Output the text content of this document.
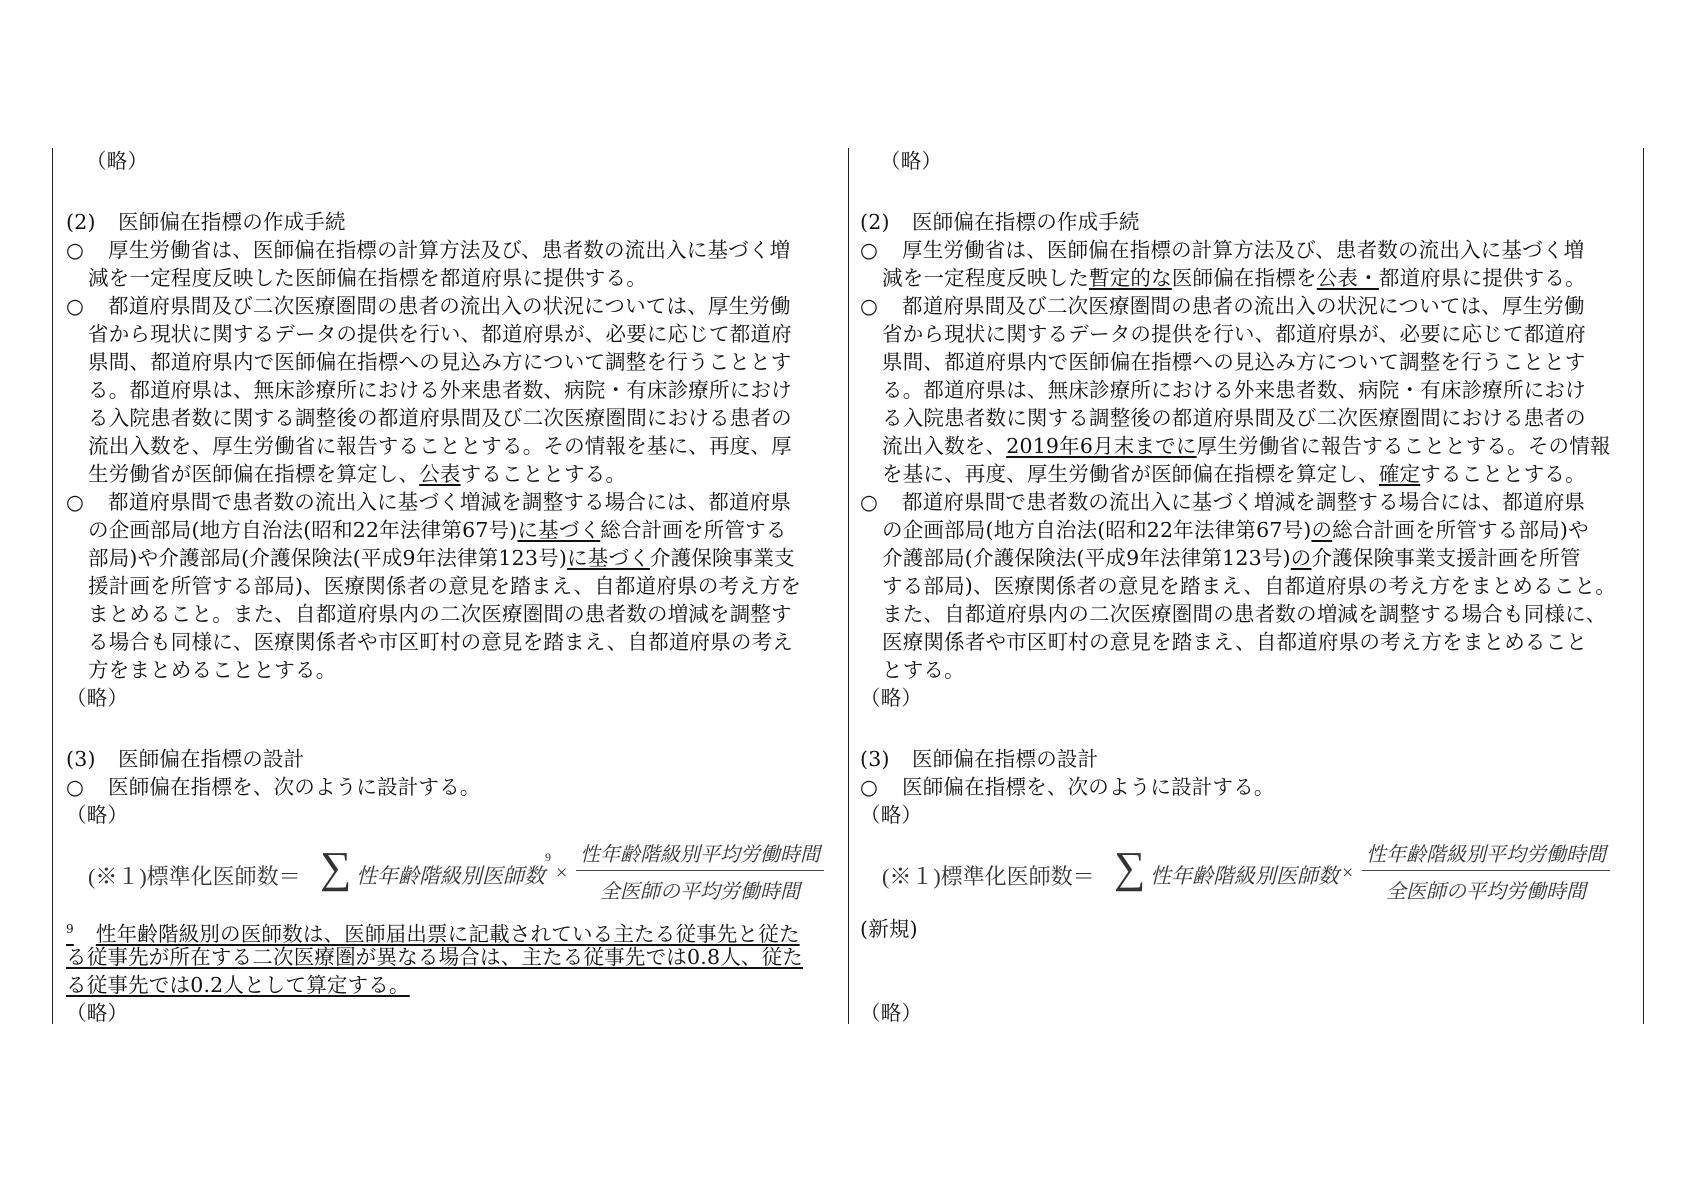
（略）
(2) 医師偏在指標の作成手続
○ 厚生労働省は、医師偏在指標の計算方法及び、患者数の流出入に基づく増
減を一定程度反映した医師偏在指標を都道府県に提供する。
○ 都道府県間及び二次医療圏間の患者の流出入の状況については、厚生労働
省から現状に関するデータの提供を行い、都道府県が、必要に応じて都道府
県間、都道府県内で医師偏在指標への見込み方について調整を行うこととす
る。都道府県は、無床診療所における外来患者数、病院・有床診療所におけ
る入院患者数に関する調整後の都道府県間及び二次医療圏間における患者の
流出入数を、厚生労働省に報告することとする。その情報を基に、再度、厚
生労働省が医師偏在指標を算定し、公表することとする。
○ 都道府県間で患者数の流出入に基づく増減を調整する場合には、都道府県
の企画部局(地方自治法(昭和22年法律第67号)に基づく総合計画を所管する
部局)や介護部局(介護保険法(平成9年法律第123号)に基づく介護保険事業支
援計画を所管する部局)、医療関係者の意見を踏まえ、自都道府県の考え方を
まとめること。また、自都道府県内の二次医療圏間の患者数の増減を調整す
る場合も同様に、医療関係者や市区町村の意見を踏まえ、自都道府県の考え
方をまとめることとする。
（略）
(3) 医師偏在指標の設計
○ 医師偏在指標を、次のように設計する。
（略）
(※１)標準化医師数＝ ∑ 性年齢階級別医師数
9
×
性年齢階級別平均労働時間
全医師の平均労働時間
$^9$ 性年齢階級別の医師数は、医師届出票に記載されている主たる従事先と従た
る従事先が所在する二次医療圏が異なる場合は、主たる従事先では0.8人、従た
る従事先では0.2人として算定する。
（略）
（略）
(2) 医師偏在指標の作成手続
○ 厚生労働省は、医師偏在指標の計算方法及び、患者数の流出入に基づく増
減を一定程度反映した暫定的な医師偏在指標を公表・都道府県に提供する。
○ 都道府県間及び二次医療圏間の患者の流出入の状況については、厚生労働
省から現状に関するデータの提供を行い、都道府県が、必要に応じて都道府
県間、都道府県内で医師偏在指標への見込み方について調整を行うこととす
る。都道府県は、無床診療所における外来患者数、病院・有床診療所におけ
る入院患者数に関する調整後の都道府県間及び二次医療圏間における患者の
流出入数を、2019年6月末までに厚生労働省に報告することとする。その情報
を基に、再度、厚生労働省が医師偏在指標を算定し、確定することとする。
○ 都道府県間で患者数の流出入に基づく増減を調整する場合には、都道府県
の企画部局(地方自治法(昭和22年法律第67号)の総合計画を所管する部局)や
介護部局(介護保険法(平成9年法律第123号)の介護保険事業支援計画を所管
する部局)、医療関係者の意見を踏まえ、自都道府県の考え方をまとめること。
また、自都道府県内の二次医療圏間の患者数の増減を調整する場合も同様に、
医療関係者や市区町村の意見を踏まえ、自都道府県の考え方をまとめること
とする。
（略）
(3) 医師偏在指標の設計
○ 医師偏在指標を、次のように設計する。
（略）
(※１)標準化医師数＝ ∑ 性年齢階級別医師数 ×
性年齢階級別平均労働時間
全医師の平均労働時間
(新規)
（略）
